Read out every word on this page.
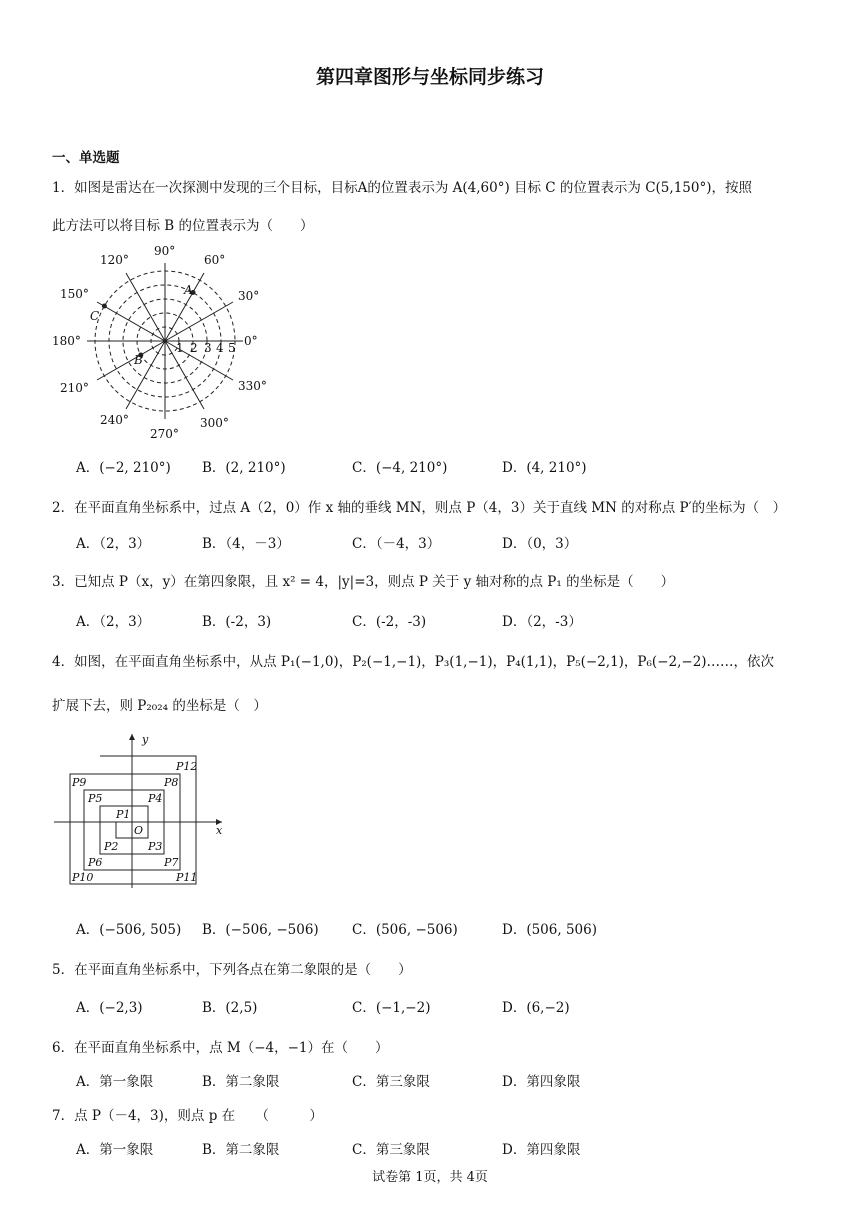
第四章图形与坐标同步练习
一、单选题
1．如图是雷达在一次探测中发现的三个目标，目标A的位置表示为 A(4,60°) 目标 C 的位置表示为 C(5,150°)，按照
此方法可以将目标 B 的位置表示为（　　）
0°
30°
60°
90°
120°
150°
180°
210°
240°
270°
300°
330°
1 2 3 4 5
A
B
C
A．(−2, 210°) B．(2, 210°)	C．(−4, 210°)	D．(4, 210°)
2．在平面直角坐标系中，过点 A（2，0）作 x 轴的垂线 MN，则点 P（4，3）关于直线 MN 的对称点 P′的坐标为（　）
A．（2，3）	B．（4，－3）	C．（－4，3）	D．（0，3）
3．已知点 P（x，y）在第四象限，且 x² = 4，|y|=3，则点 P 关于 y 轴对称的点 P₁ 的坐标是（　　）
A．（2，3）	B．(-2，3)	C．(-2，-3)	D．（2，-3）
4．如图，在平面直角坐标系中，从点 P₁(−1,0)，P₂(−1,−1)，P₃(1,−1)，P₄(1,1)，P₅(−2,1)，P₆(−2,−2)……，依次
扩展下去，则 P₂₀₂₄ 的坐标是（　）
y
x
O
P1
P2	P3
P4
P5
P6	P7
P8
P9
P10	P11
P12
A．(−506, 505) B．(−506, −506) C．(506, −506)	D．(506, 506)
5．在平面直角坐标系中，下列各点在第二象限的是（　　）
A．(−2,3)	B．(2,5)	C．(−1,−2)	D．(6,−2)
6．在平面直角坐标系中，点 M（−4，−1）在（　　）
A．第一象限	B．第二象限	C．第三象限	D．第四象限
7．点 P（－4，3)，则点 p 在　　（　　　）
A．第一象限	B．第二象限	C．第三象限	D．第四象限
试卷第 1页，共 4页
